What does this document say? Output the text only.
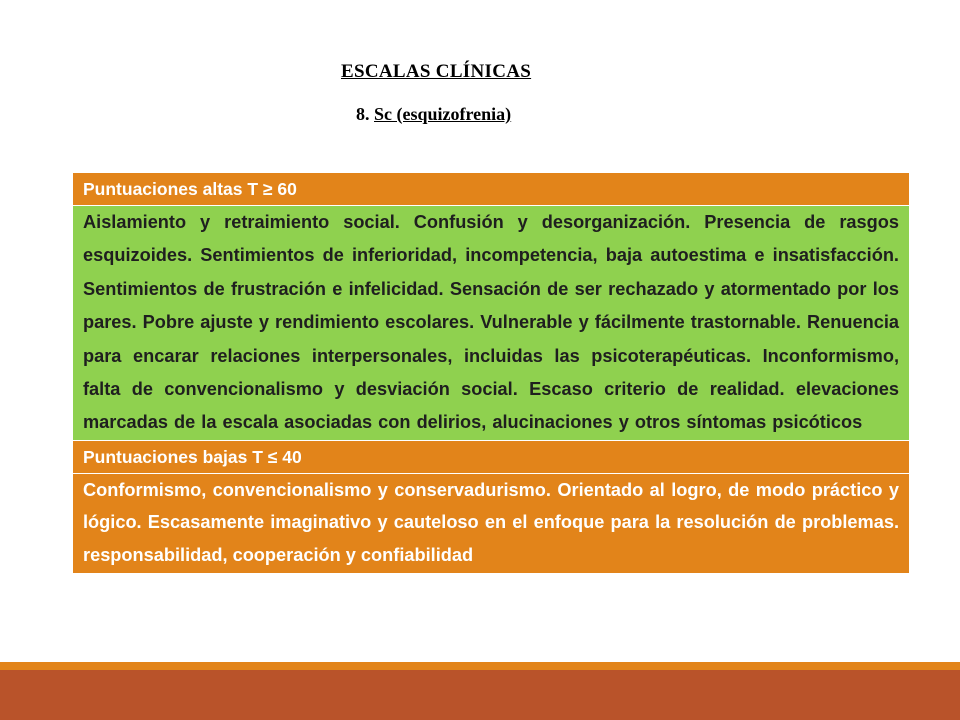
ESCALAS CLÍNICAS
8. Sc (esquizofrenia)
Puntuaciones altas T ≥ 60
Aislamiento y retraimiento social. Confusión y desorganización. Presencia de rasgos esquizoides. Sentimientos de inferioridad, incompetencia, baja autoestima e insatisfacción. Sentimientos de frustración e infelicidad. Sensación de ser rechazado y atormentado por los pares. Pobre ajuste y rendimiento escolares. Vulnerable y fácilmente trastornable. Renuencia para encarar relaciones interpersonales, incluidas las psicoterapéuticas. Inconformismo, falta de convencionalismo y desviación social. Escaso criterio de realidad. elevaciones marcadas de la escala asociadas con delirios, alucinaciones y otros síntomas psicóticos
Puntuaciones bajas T ≤ 40
Conformismo, convencionalismo y conservadurismo. Orientado al logro, de modo práctico y lógico. Escasamente imaginativo y cauteloso en el enfoque para la resolución de problemas. responsabilidad, cooperación y confiabilidad
